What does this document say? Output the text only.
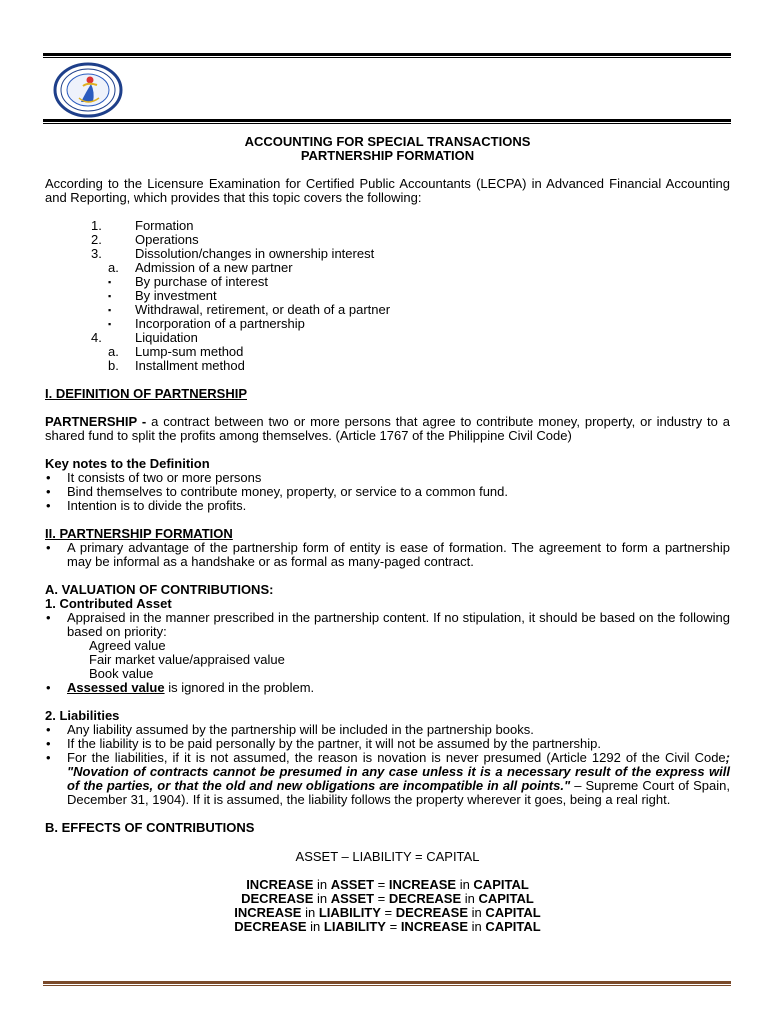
ACCOUNTING FOR SPECIAL TRANSACTIONS
PARTNERSHIP FORMATION
According to the Licensure Examination for Certified Public Accountants (LECPA) in Advanced Financial Accounting and Reporting, which provides that this topic covers the following:
1.	Formation
2.	Operations
3.	Dissolution/changes in ownership interest
a. Admission of a new partner
▪ By purchase of interest
▪ By investment
▪ Withdrawal, retirement, or death of a partner
▪ Incorporation of a partnership
4.	Liquidation
a. Lump-sum method
b. Installment method
I. DEFINITION OF PARTNERSHIP
PARTNERSHIP - a contract between two or more persons that agree to contribute money, property, or industry to a shared fund to split the profits among themselves. (Article 1767 of the Philippine Civil Code)
Key notes to the Definition
• It consists of two or more persons
• Bind themselves to contribute money, property, or service to a common fund.
• Intention is to divide the profits.
II. PARTNERSHIP FORMATION
• A primary advantage of the partnership form of entity is ease of formation. The agreement to form a partnership may be informal as a handshake or as formal as many-paged contract.
A. VALUATION OF CONTRIBUTIONS:
1. Contributed Asset
• Appraised in the manner prescribed in the partnership content. If no stipulation, it should be based on the following based on priority:
Agreed value
Fair market value/appraised value
Book value
• Assessed value is ignored in the problem.
2. Liabilities
• Any liability assumed by the partnership will be included in the partnership books.
• If the liability is to be paid personally by the partner, it will not be assumed by the partnership.
• For the liabilities, if it is not assumed, the reason is novation is never presumed (Article 1292 of the Civil Code; "Novation of contracts cannot be presumed in any case unless it is a necessary result of the express will of the parties, or that the old and new obligations are incompatible in all points." – Supreme Court of Spain, December 31, 1904). If it is assumed, the liability follows the property wherever it goes, being a real right.
B. EFFECTS OF CONTRIBUTIONS
ASSET – LIABILITY = CAPITAL
INCREASE in ASSET = INCREASE in CAPITAL
DECREASE in ASSET = DECREASE in CAPITAL
INCREASE in LIABILITY = DECREASE in CAPITAL
DECREASE in LIABILITY = INCREASE in CAPITAL
